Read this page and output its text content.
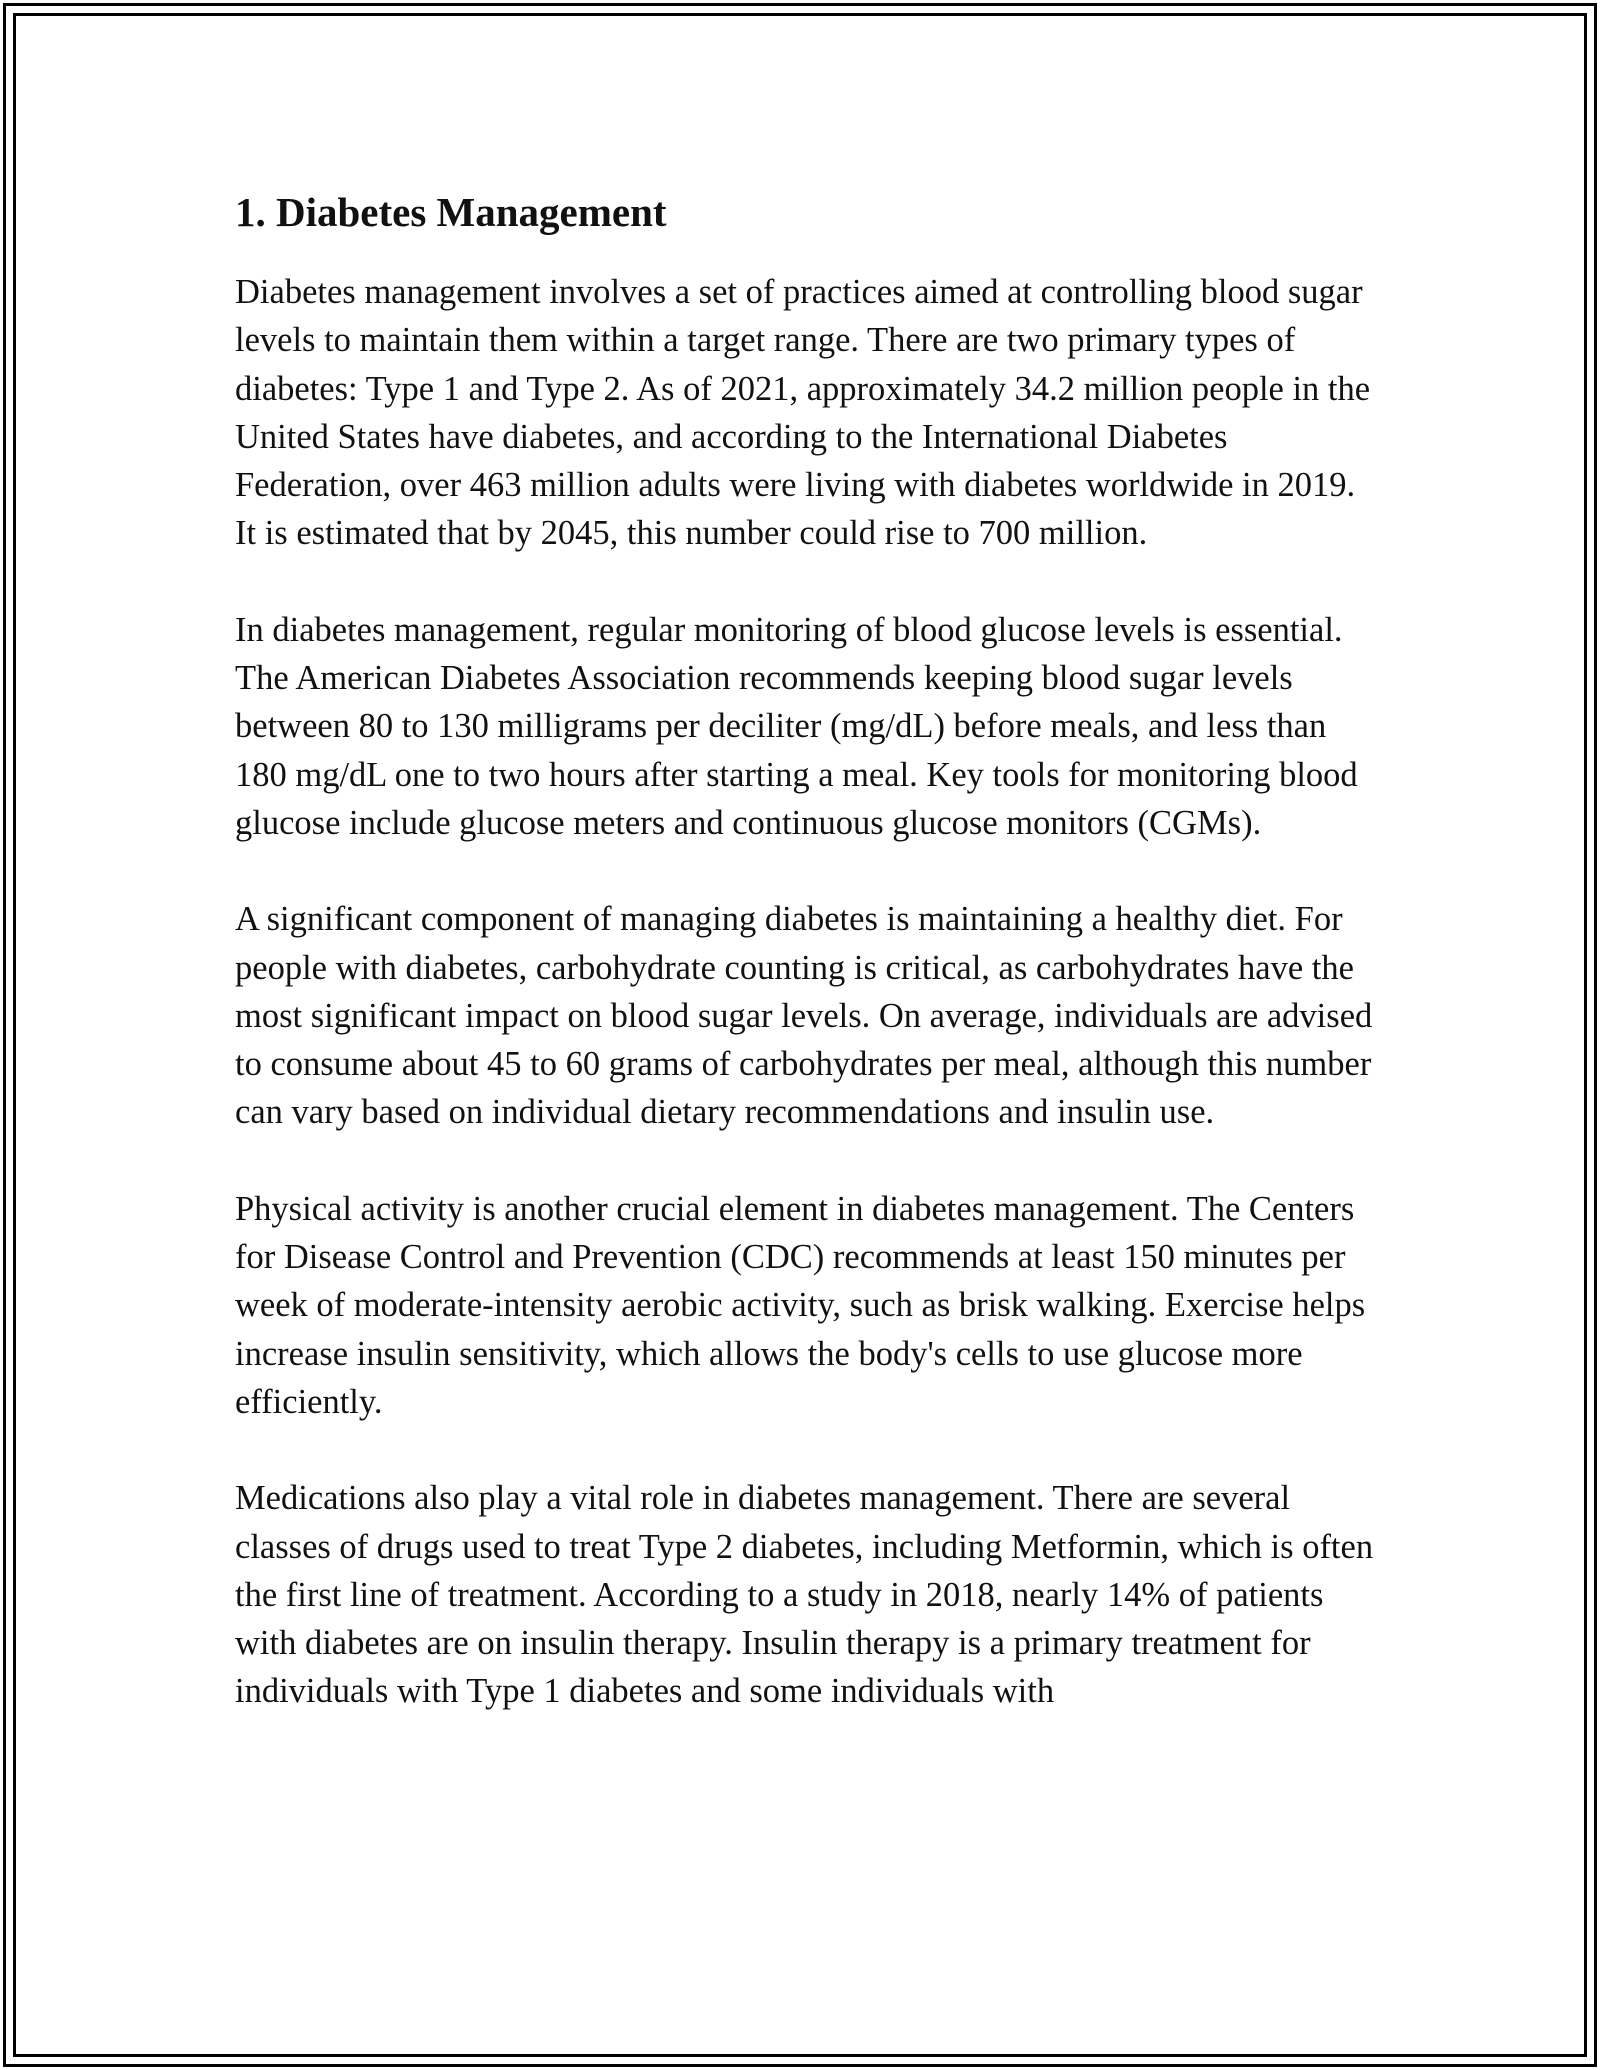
1. Diabetes Management

Diabetes management involves a set of practices aimed at controlling blood sugar levels to maintain them within a target range. There are two primary types of diabetes: Type 1 and Type 2. As of 2021, approximately 34.2 million people in the United States have diabetes, and according to the International Diabetes Federation, over 463 million adults were living with diabetes worldwide in 2019. It is estimated that by 2045, this number could rise to 700 million.

In diabetes management, regular monitoring of blood glucose levels is essential. The American Diabetes Association recommends keeping blood sugar levels between 80 to 130 milligrams per deciliter (mg/dL) before meals, and less than 180 mg/dL one to two hours after starting a meal. Key tools for monitoring blood glucose include glucose meters and continuous glucose monitors (CGMs).

A significant component of managing diabetes is maintaining a healthy diet. For people with diabetes, carbohydrate counting is critical, as carbohydrates have the most significant impact on blood sugar levels. On average, individuals are advised to consume about 45 to 60 grams of carbohydrates per meal, although this number can vary based on individual dietary recommendations and insulin use.

Physical activity is another crucial element in diabetes management. The Centers for Disease Control and Prevention (CDC) recommends at least 150 minutes per week of moderate-intensity aerobic activity, such as brisk walking. Exercise helps increase insulin sensitivity, which allows the body's cells to use glucose more efficiently.

Medications also play a vital role in diabetes management. There are several classes of drugs used to treat Type 2 diabetes, including Metformin, which is often the first line of treatment. According to a study in 2018, nearly 14% of patients with diabetes are on insulin therapy. Insulin therapy is a primary treatment for individuals with Type 1 diabetes and some individuals with
